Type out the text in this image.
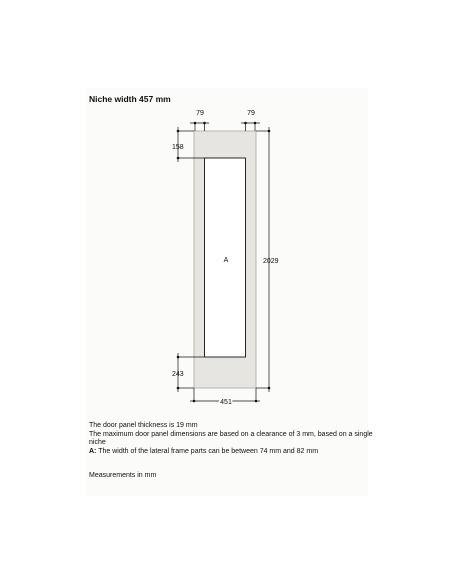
Niche width 457 mm
A
79	79
158
243
2029
451

The door panel thickness is 19 mm

The maximum door panel dimensions are based on a clearance of 3 mm, based on a single niche

A: The width of the lateral frame parts can be between 74 mm and 82 mm

Measurements in mm
